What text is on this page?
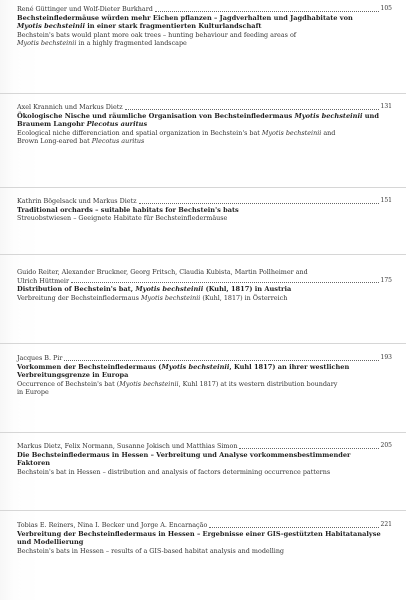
René Güttinger und Wolf-Dieter Burkhard	105
Bechsteinfledermäuse würden mehr Eichen pflanzen – Jagdverhalten und Jagdhabitate von
Myotis bechsteinii in einer stark fragmentierten Kulturlandschaft
Bechstein's bats would plant more oak trees – hunting behaviour and feeding areas of
Myotis bechsteinii in a highly fragmented landscape
Axel Krannich und Markus Dietz	131
Ökologische Nische und räumliche Organisation von Bechsteinfledermaus Myotis bechsteinii und
Braunem Langohr Plecotus auritus
Ecological niche differenciation and spatial organization in Bechstein's bat Myotis bechsteinii and
Brown Long-eared bat Plecotus auritus
Kathrin Bögelsack und Markus Dietz	151
Traditional orchards – suitable habitats for Bechstein's bats
Streuobstwiesen – Geeignete Habitate für Bechsteinfledermäuse
Guido Reiter, Alexander Bruckner, Georg Fritsch, Claudia Kubista, Martin Pollheimer and
Ulrich Hüttmeir	175
Distribution of Bechstein's bat, Myotis bechsteinii (Kuhl, 1817) in Austria
Verbreitung der Bechsteinfledermaus Myotis bechsteinii (Kuhl, 1817) in Österreich
Jacques B. Pir	193
Vorkommen der Bechsteinfledermaus (Myotis bechsteinii, Kuhl 1817) an ihrer westlichen
Verbreitungsgrenze in Europa
Occurrence of Bechstein's bat (Myotis bechsteinii, Kuhl 1817) at its western distribution boundary
in Europe
Markus Dietz, Felix Normann, Susanne Jokisch und Matthias Simon	205
Die Bechsteinfledermaus in Hessen – Verbreitung und Analyse vorkommensbestimmender
Faktoren
Bechstein's bat in Hessen – distribution and analysis of factors determining occurrence patterns
Tobias E. Reiners, Nina I. Becker und Jorge A. Encarnação	221
Verbreitung der Bechsteinfledermaus in Hessen – Ergebnisse einer GIS-gestützten Habitatanalyse
und Modellierung
Bechstein's bats in Hessen – results of a GIS-based habitat analysis and modelling
